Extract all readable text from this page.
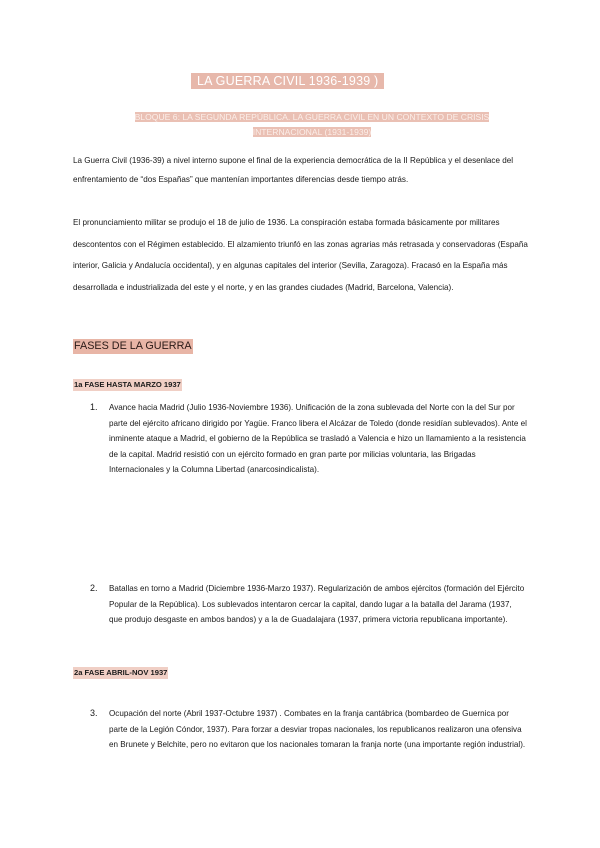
LA GUERRA CIVIL 1936-1939 )
BLOQUE 6: LA SEGUNDA REPÚBLICA. LA GUERRA CIVIL EN UN CONTEXTO DE CRISIS INTERNACIONAL (1931-1939)

La Guerra Civil (1936-39) a nivel interno supone el final de la experiencia democrática de la II República y el desenlace del enfrentamiento de “dos Españas” que mantenían importantes diferencias desde tiempo atrás.

El pronunciamiento militar se produjo el 18 de julio de 1936. La conspiración estaba formada básicamente por militares descontentos con el Régimen establecido. El alzamiento triunfó en las zonas agrarias más retrasada y conservadoras (España interior, Galicia y Andalucía occidental), y en algunas capitales del interior (Sevilla, Zaragoza). Fracasó en la España más desarrollada e industrializada del este y el norte, y en las grandes ciudades (Madrid, Barcelona, Valencia).

FASES DE LA GUERRA
1a FASE HASTA MARZO 1937
1. Avance hacia Madrid (Julio 1936-Noviembre 1936). Unificación de la zona sublevada del Norte con la del Sur por parte del ejército africano dirigido por Yagüe. Franco libera el Alcázar de Toledo (donde residían sublevados). Ante el inminente ataque a Madrid, el gobierno de la República se trasladó a Valencia e hizo un llamamiento a la resistencia de la capital. Madrid resistió con un ejército formado en gran parte por milicias voluntaria, las Brigadas Internacionales y la Columna Libertad (anarcosindicalista).
2. Batallas en torno a Madrid (Diciembre 1936-Marzo 1937). Regularización de ambos ejércitos (formación del Ejército Popular de la República). Los sublevados intentaron cercar la capital, dando lugar a la batalla del Jarama (1937, que produjo desgaste en ambos bandos) y a la de Guadalajara (1937, primera victoria republicana importante).
2a FASE ABRIL-NOV 1937
3. Ocupación del norte (Abril 1937-Octubre 1937) . Combates en la franja cantábrica (bombardeo de Guernica por parte de la Legión Cóndor, 1937). Para forzar a desviar tropas nacionales, los republicanos realizaron una ofensiva en Brunete y Belchite, pero no evitaron que los nacionales tomaran la franja norte (una importante región industrial).
